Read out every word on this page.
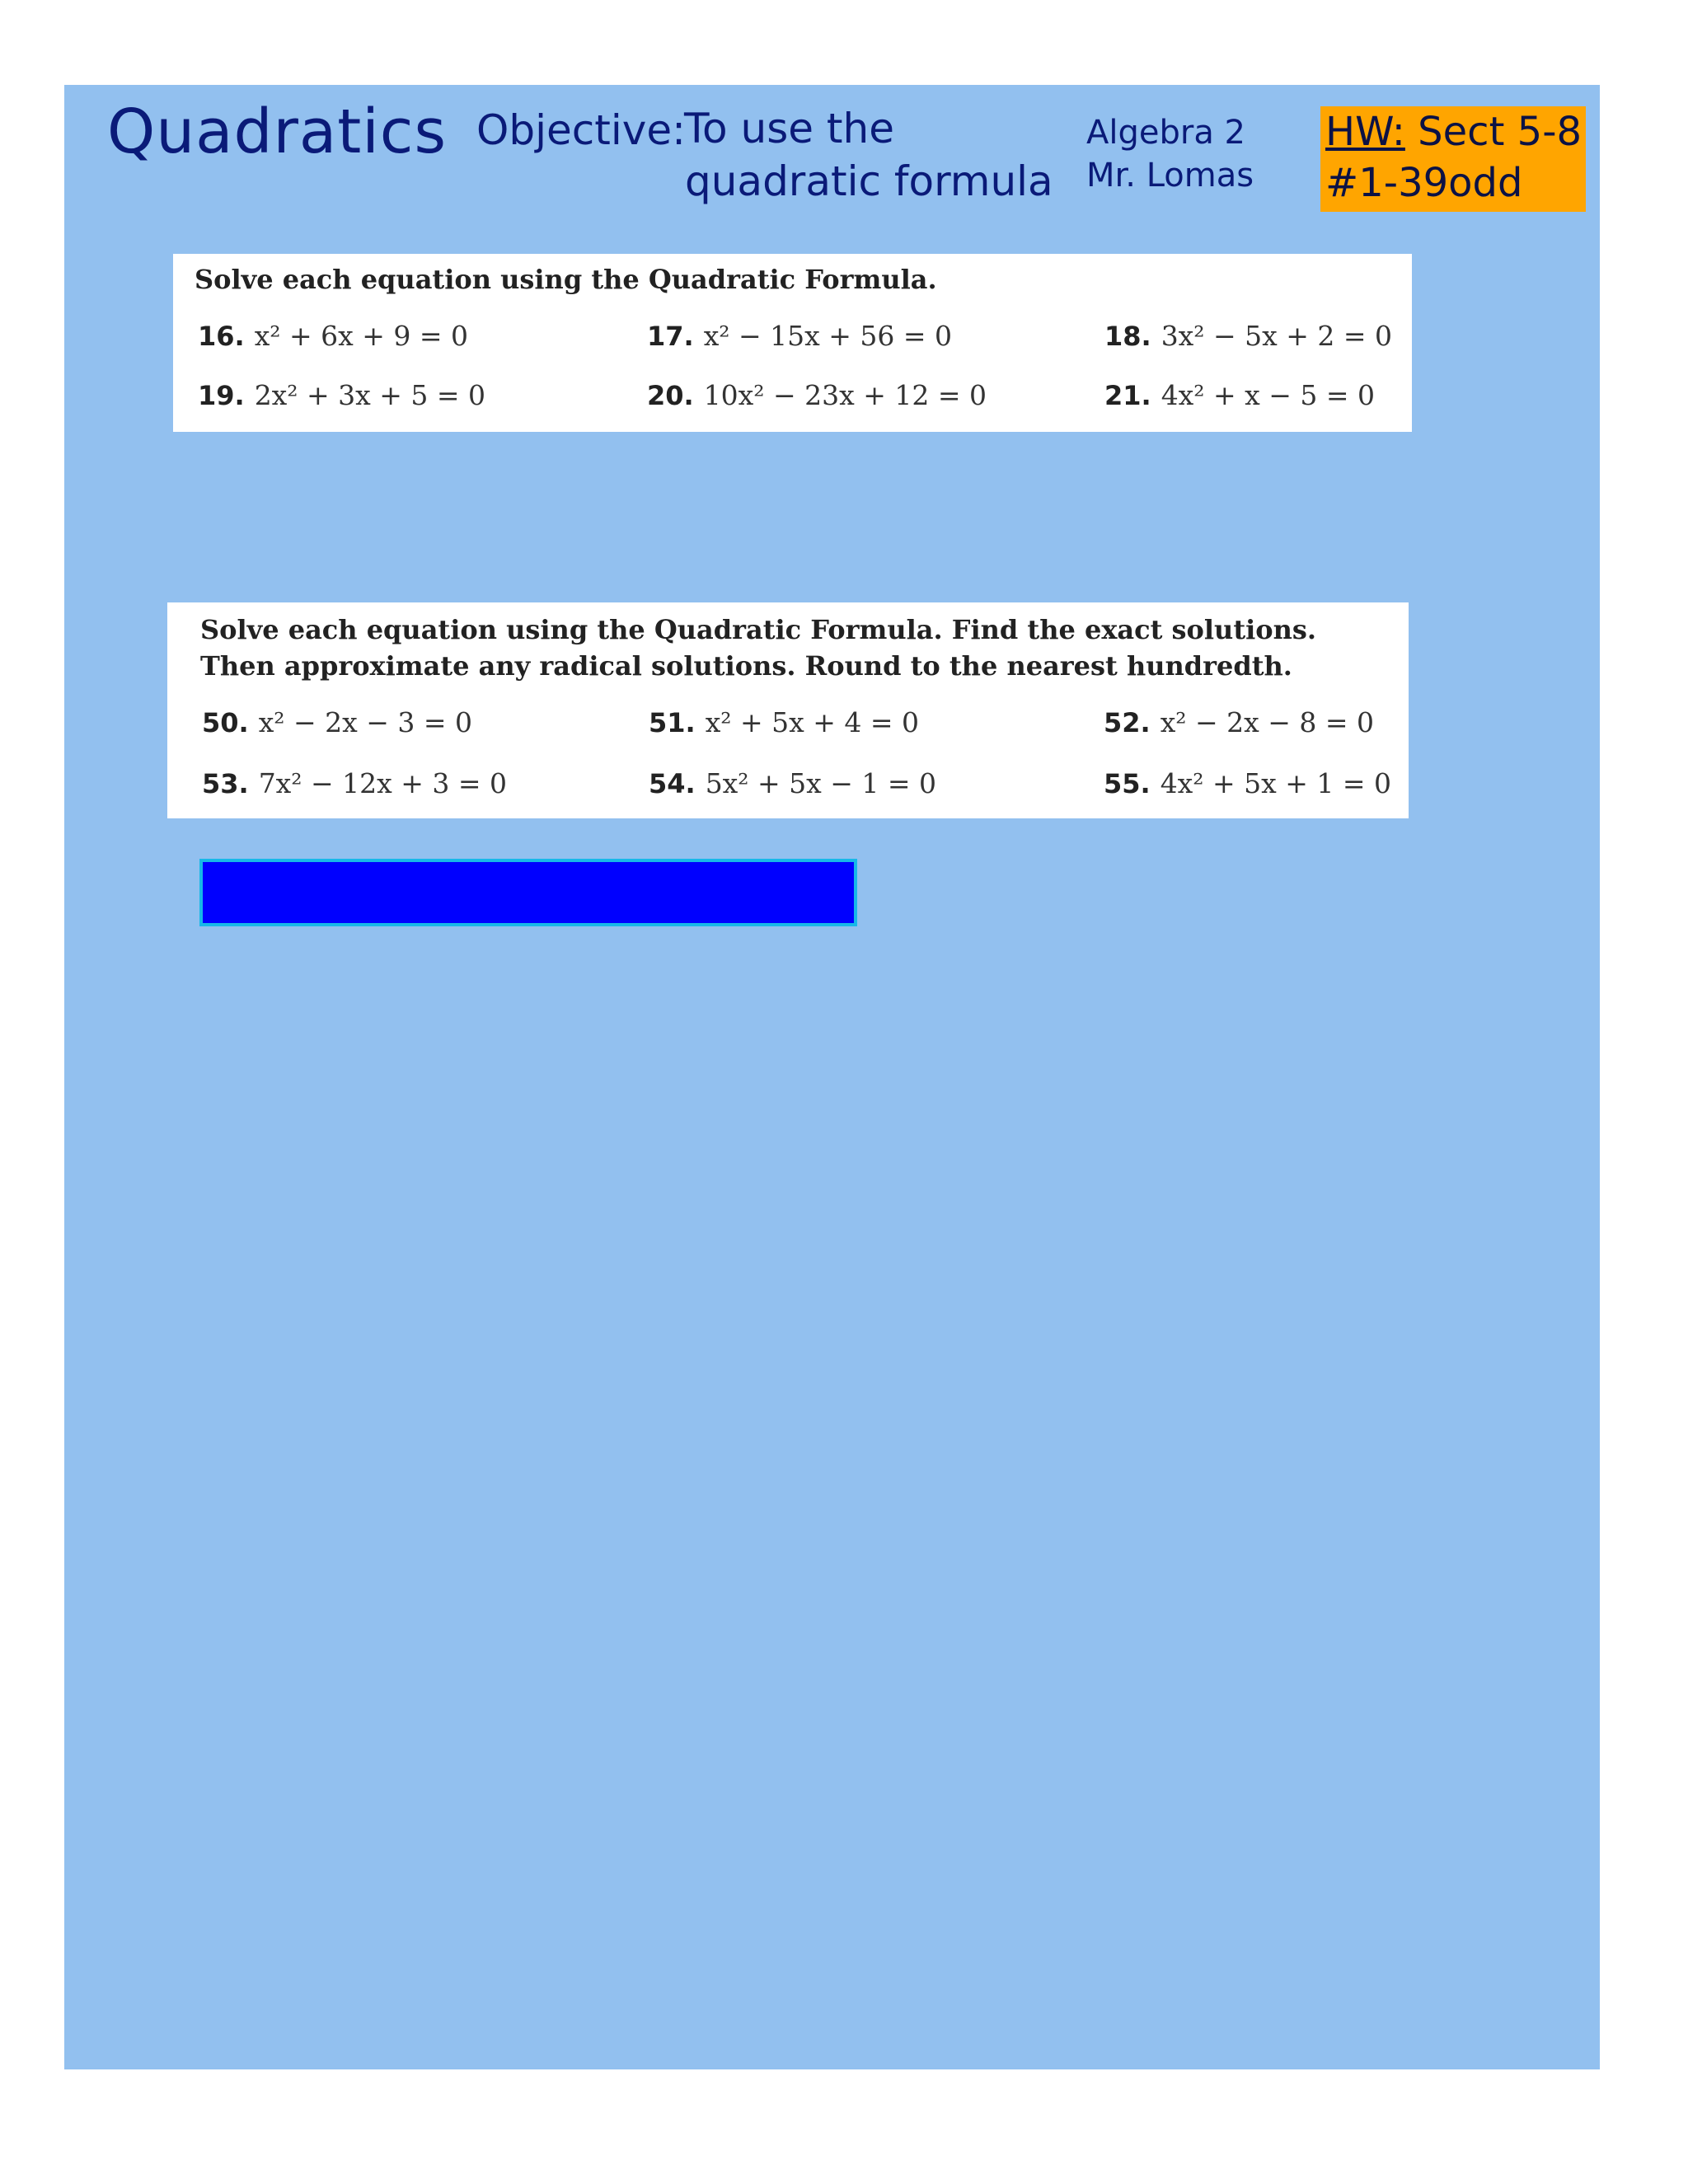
Quadratics Objective:
To use the
quadratic formula
Algebra 2
Mr. Lomas
HW: Sect 5-8
#1-39odd
Solve each equation using the Quadratic Formula.
16. x² + 6x + 9 = 0	17. x² − 15x + 56 = 0	18. 3x² − 5x + 2 = 0
19. 2x² + 3x + 5 = 0	20. 10x² − 23x + 12 = 0	21. 4x² + x − 5 = 0
Solve each equation using the Quadratic Formula. Find the exact solutions.
Then approximate any radical solutions. Round to the nearest hundredth.
50. x² − 2x − 3 = 0	51. x² + 5x + 4 = 0	52. x² − 2x − 8 = 0
53. 7x² − 12x + 3 = 0	54. 5x² + 5x − 1 = 0	55. 4x² + 5x + 1 = 0
